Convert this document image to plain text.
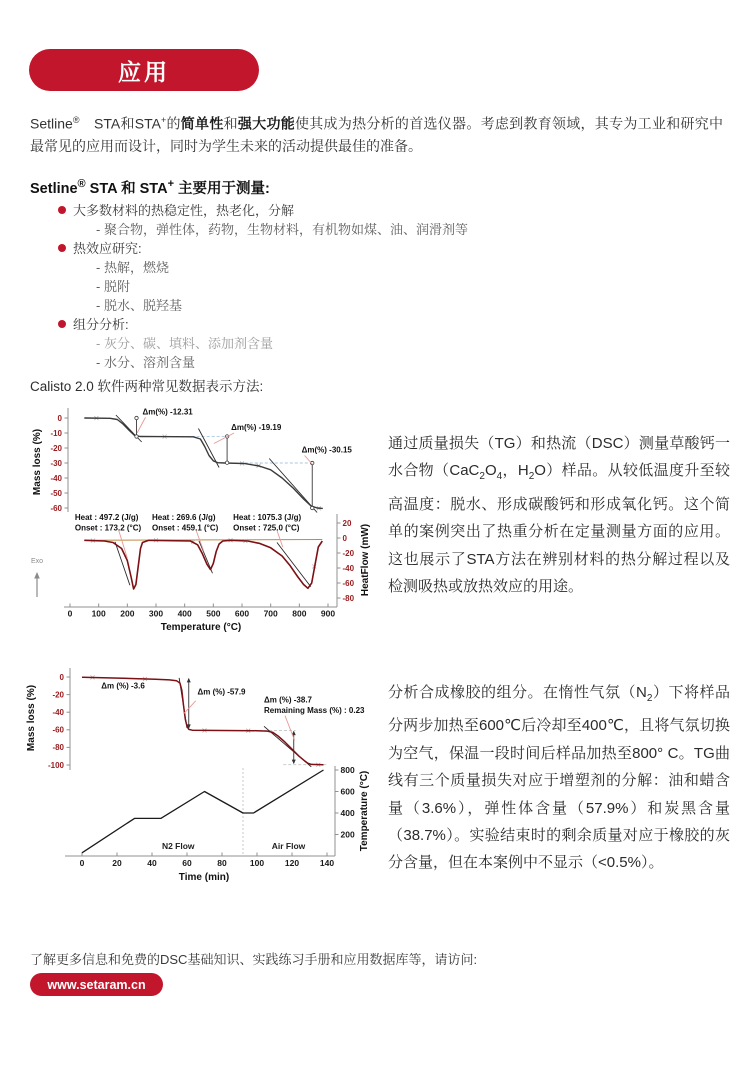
应用

Setline®　STA和STA+的简单性和强大功能使其成为热分析的首选仪器。考虑到教育领域，其专为工业和研究中最常见的应用而设计，同时为学生未来的活动提供最佳的准备。

Setline® STA 和 STA+ 主要用于测量:

大多数材料的热稳定性，热老化，分解
- 聚合物，弹性体，药物，生物材料，有机物如煤、油、润滑剂等
热效应研究:
- 热解，燃烧
- 脱附
- 脱水、脱羟基
组分分析:
- 灰分、碳、填料、添加剂含量
- 水分、溶剂含量

Calisto 2.0 软件两种常见数据表示方法:

0
-10
-20
-30
-40
-50
-60
Mass loss (%)
Δm(%) -12.31
Δm(%) -19.19
Δm(%) -30.15
20
0
-20
-40
-60
-80
HeatFlow (mW)
0 100 200 300 400 500 600 700 800 900
Temperature (°C)
Heat : 497.2 (J/g)
Onset : 173.2 (°C)
Heat : 269.6 (J/g)
Onset : 459.1 (°C)
Heat : 1075.3 (J/g)
Onset : 725.0 (°C)
Exo

通过质量损失（TG）和热流（DSC）测量草酸钙一水合物（$CaC_2O_4$，$H_2O$）样品。从较低温度升至较高温度：脱水、形成碳酸钙和形成氧化钙。这个简单的案例突出了热重分析在定量测量方面的应用。这也展示了STA方法在辨别材料的热分解过程以及检测吸热或放热效应的用途。

0
-20
-40
-60
-80
-100
Mass loss (%)
200
400
600
800
Temperature (°C)
0	20	40	60	80	100 120 140
Time (min)
N2 Flow	Air Flow
Δm (%) -3.6
Δm (%) -57.9
Δm (%) -38.7
Remaining Mass (%) : 0.23

分析合成橡胶的组分。在惰性气氛$(N_2)$下将样品分两步加热至600℃后冷却至400℃，且将气氛切换为空气，保温一段时间后样品加热至800° C。TG曲线有三个质量损失对应于增塑剂的分解：油和蜡含量（3.6%），弹性体含量（57.9%）和炭黑含量（38.7%）。实验结束时的剩余质量对应于橡胶的灰分含量，但在本案例中不显示（<0.5%）。

了解更多信息和免费的DSC基础知识、实践练习手册和应用数据库等，请访问:

www.setaram.cn
